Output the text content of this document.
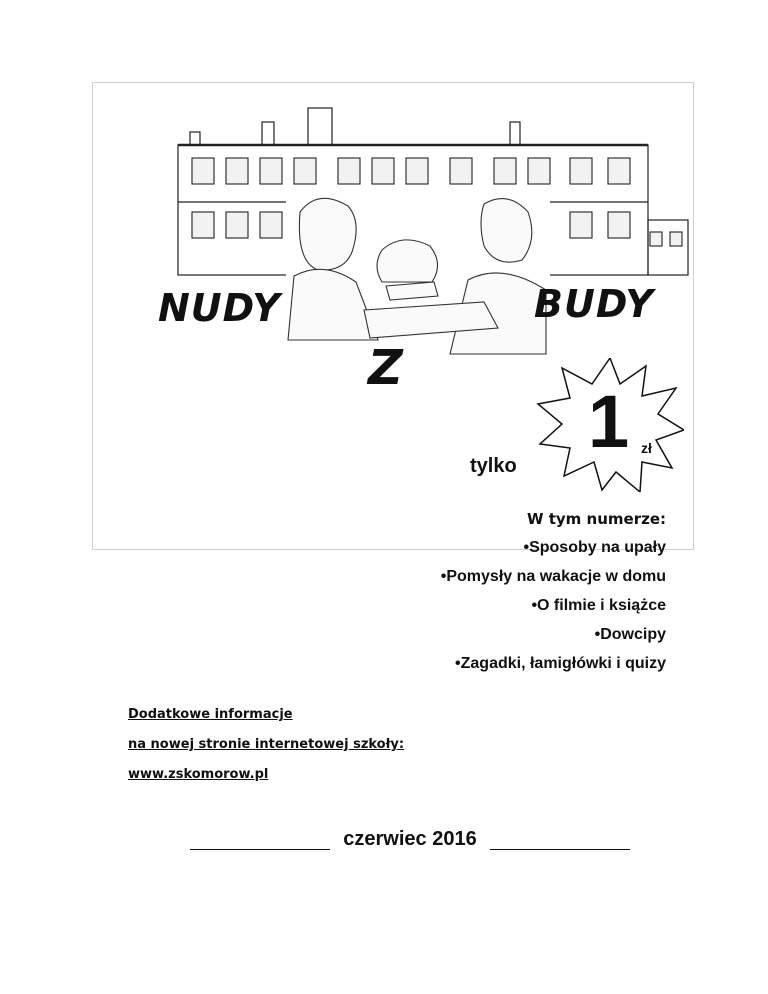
NUDY	BUDY
Z
1 zł
tylko
W tym numerze:
•Sposoby na upały
•Pomysły na wakacje w domu
•O filmie i książce
•Dowcipy
•Zagadki, łamigłówki i quizy
Dodatkowe informacje
na nowej stronie internetowej szkoły:
www.zskomorow.pl
czerwiec 2016
